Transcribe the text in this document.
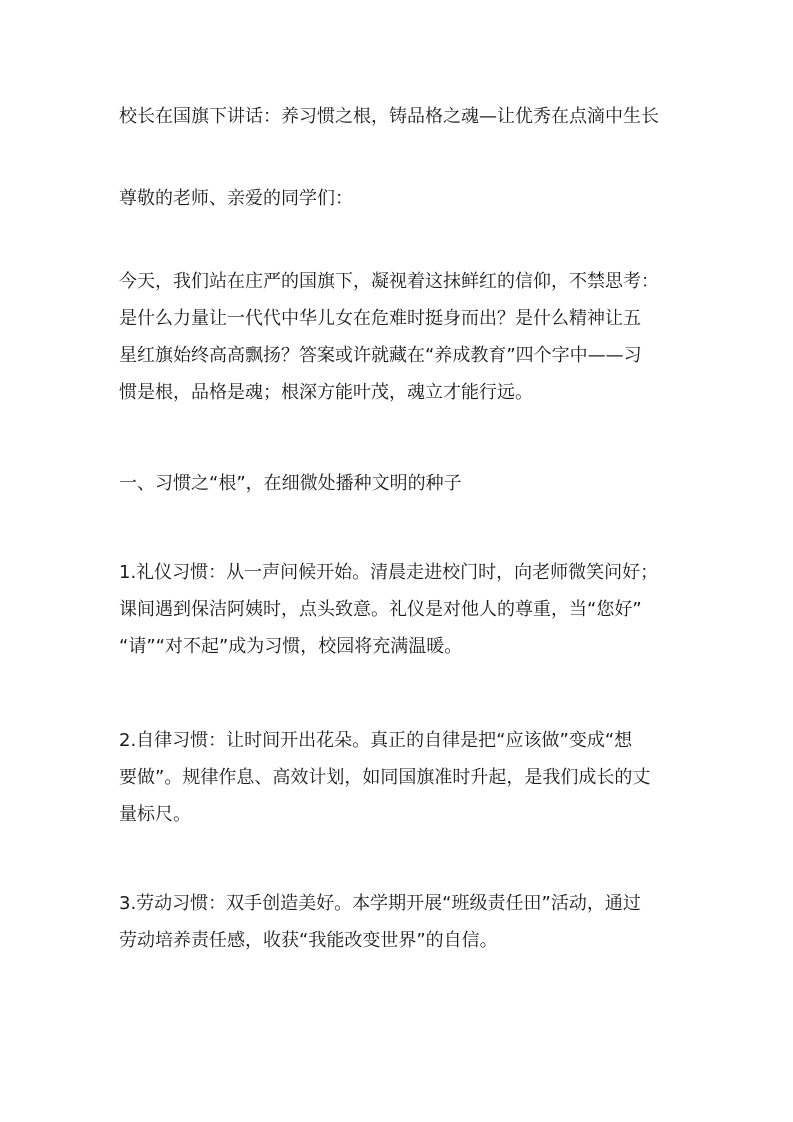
校长在国旗下讲话：养习惯之根，铸品格之魂—让优秀在点滴中生长
尊敬的老师、亲爱的同学们：
今天，我们站在庄严的国旗下，凝视着这抹鲜红的信仰，不禁思考：
是什么力量让一代代中华儿女在危难时挺身而出？是什么精神让五
星红旗始终高高飘扬？答案或许就藏在“养成教育”四个字中——习
惯是根，品格是魂；根深方能叶茂，魂立才能行远。
一、习惯之“根”，在细微处播种文明的种子
1.礼仪习惯：从一声问候开始。清晨走进校门时，向老师微笑问好；
课间遇到保洁阿姨时，点头致意。礼仪是对他人的尊重，当“您好”
“请”“对不起”成为习惯，校园将充满温暖。
2.自律习惯：让时间开出花朵。真正的自律是把“应该做”变成“想
要做”。规律作息、高效计划，如同国旗准时升起，是我们成长的丈
量标尺。
3.劳动习惯：双手创造美好。本学期开展“班级责任田”活动，通过
劳动培养责任感，收获“我能改变世界”的自信。
